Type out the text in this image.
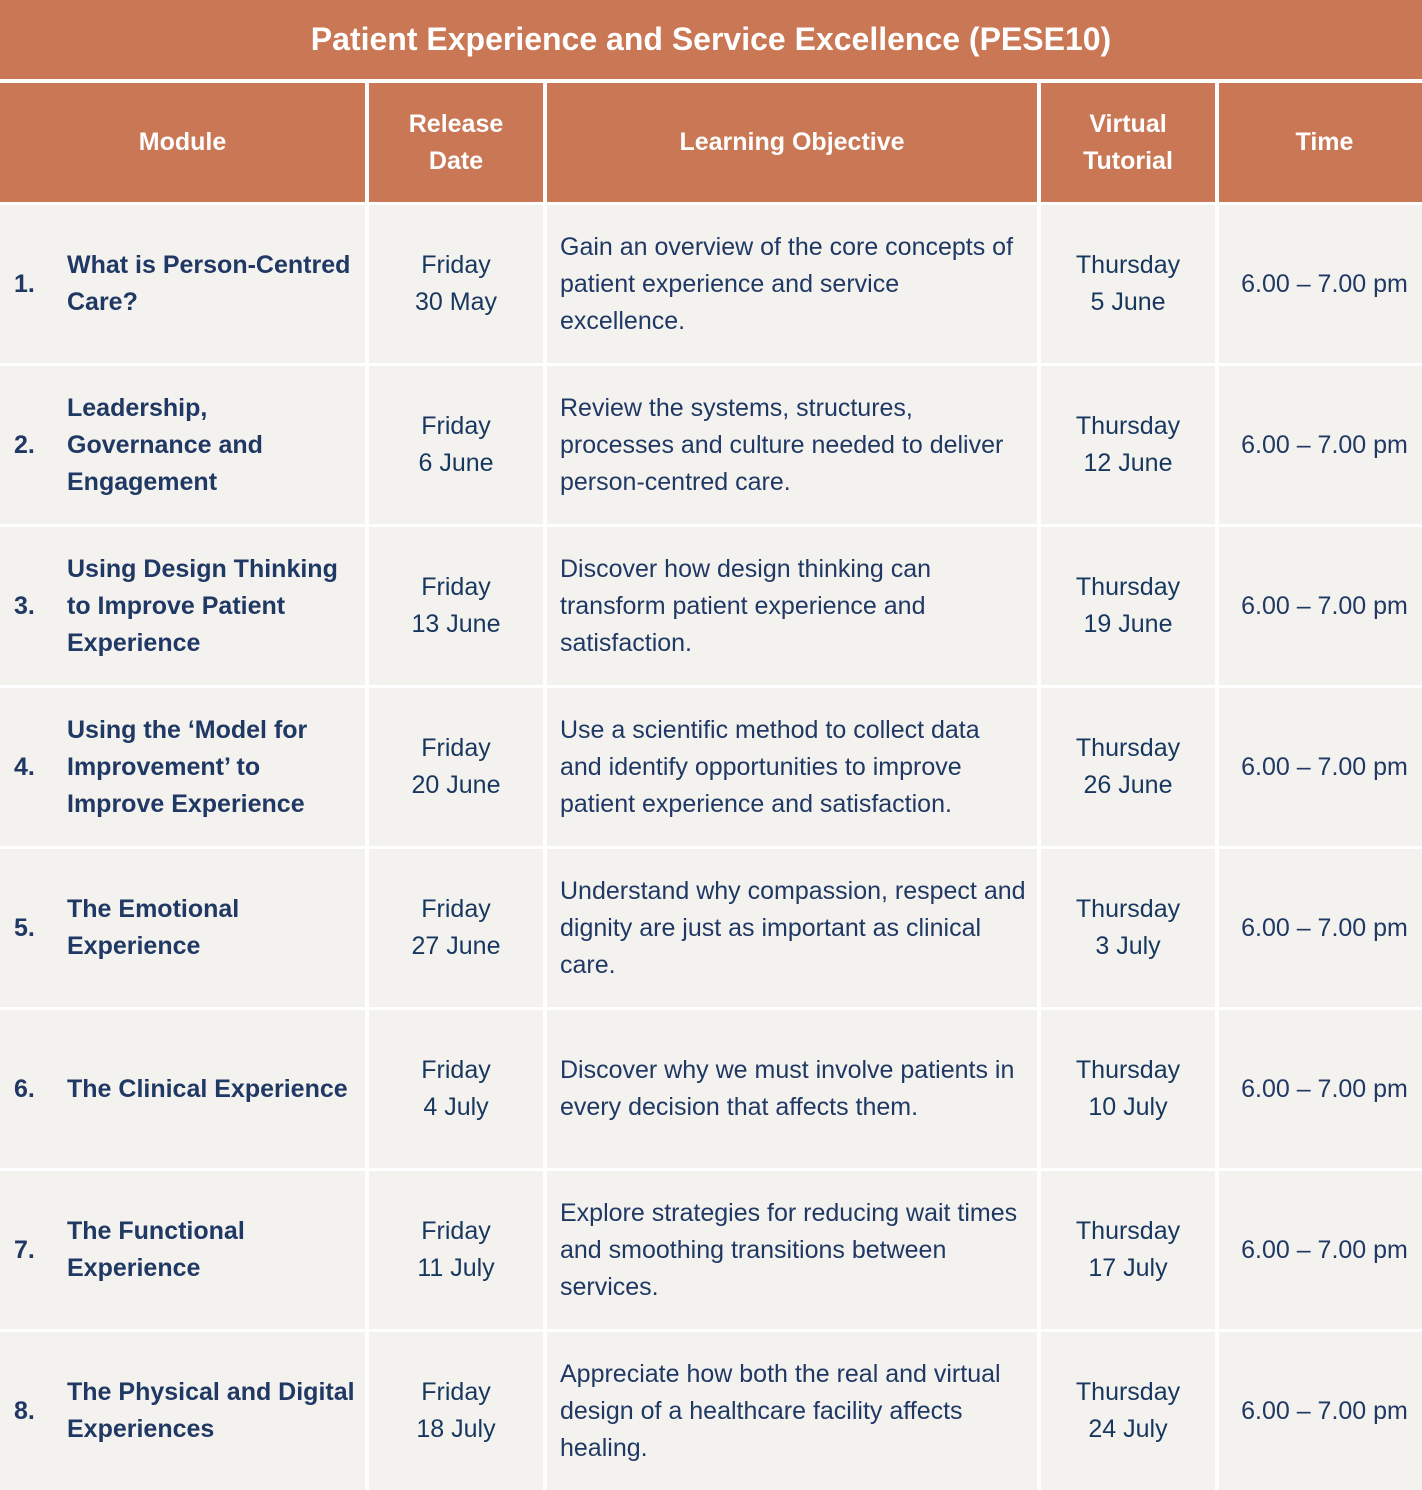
Patient Experience and Service Excellence (PESE10)
Module
Release
Date
Learning Objective
Virtual
Tutorial
Time
1.
What is Person-Centred Care?
Friday
30 May
Gain an overview of the core concepts of patient experience and service excellence.
Thursday
5 June
6.00 – 7.00 pm
2.
Leadership, Governance and Engagement
Friday
6 June
Review the systems, structures, processes and culture needed to deliver person-centred care.
Thursday
12 June
6.00 – 7.00 pm
3.
Using Design Thinking to Improve Patient Experience
Friday
13 June
Discover how design thinking can transform patient experience and satisfaction.
Thursday
19 June
6.00 – 7.00 pm
4.
Using the ‘Model for Improvement’ to Improve Experience
Friday
20 June
Use a scientific method to collect data and identify opportunities to improve patient experience and satisfaction.
Thursday
26 June
6.00 – 7.00 pm
5.
The Emotional Experience
Friday
27 June
Understand why compassion, respect and dignity are just as important as clinical care.
Thursday
3 July
6.00 – 7.00 pm
6.	The Clinical Experience
Friday
4 July
Discover why we must involve patients in every decision that affects them.
Thursday
10 July
6.00 – 7.00 pm
7.
The Functional Experience
Friday
11 July
Explore strategies for reducing wait times and smoothing transitions between services.
Thursday
17 July
6.00 – 7.00 pm
8.
The Physical and Digital Experiences
Friday
18 July
Appreciate how both the real and virtual design of a healthcare facility affects healing.
Thursday
24 July
6.00 – 7.00 pm
